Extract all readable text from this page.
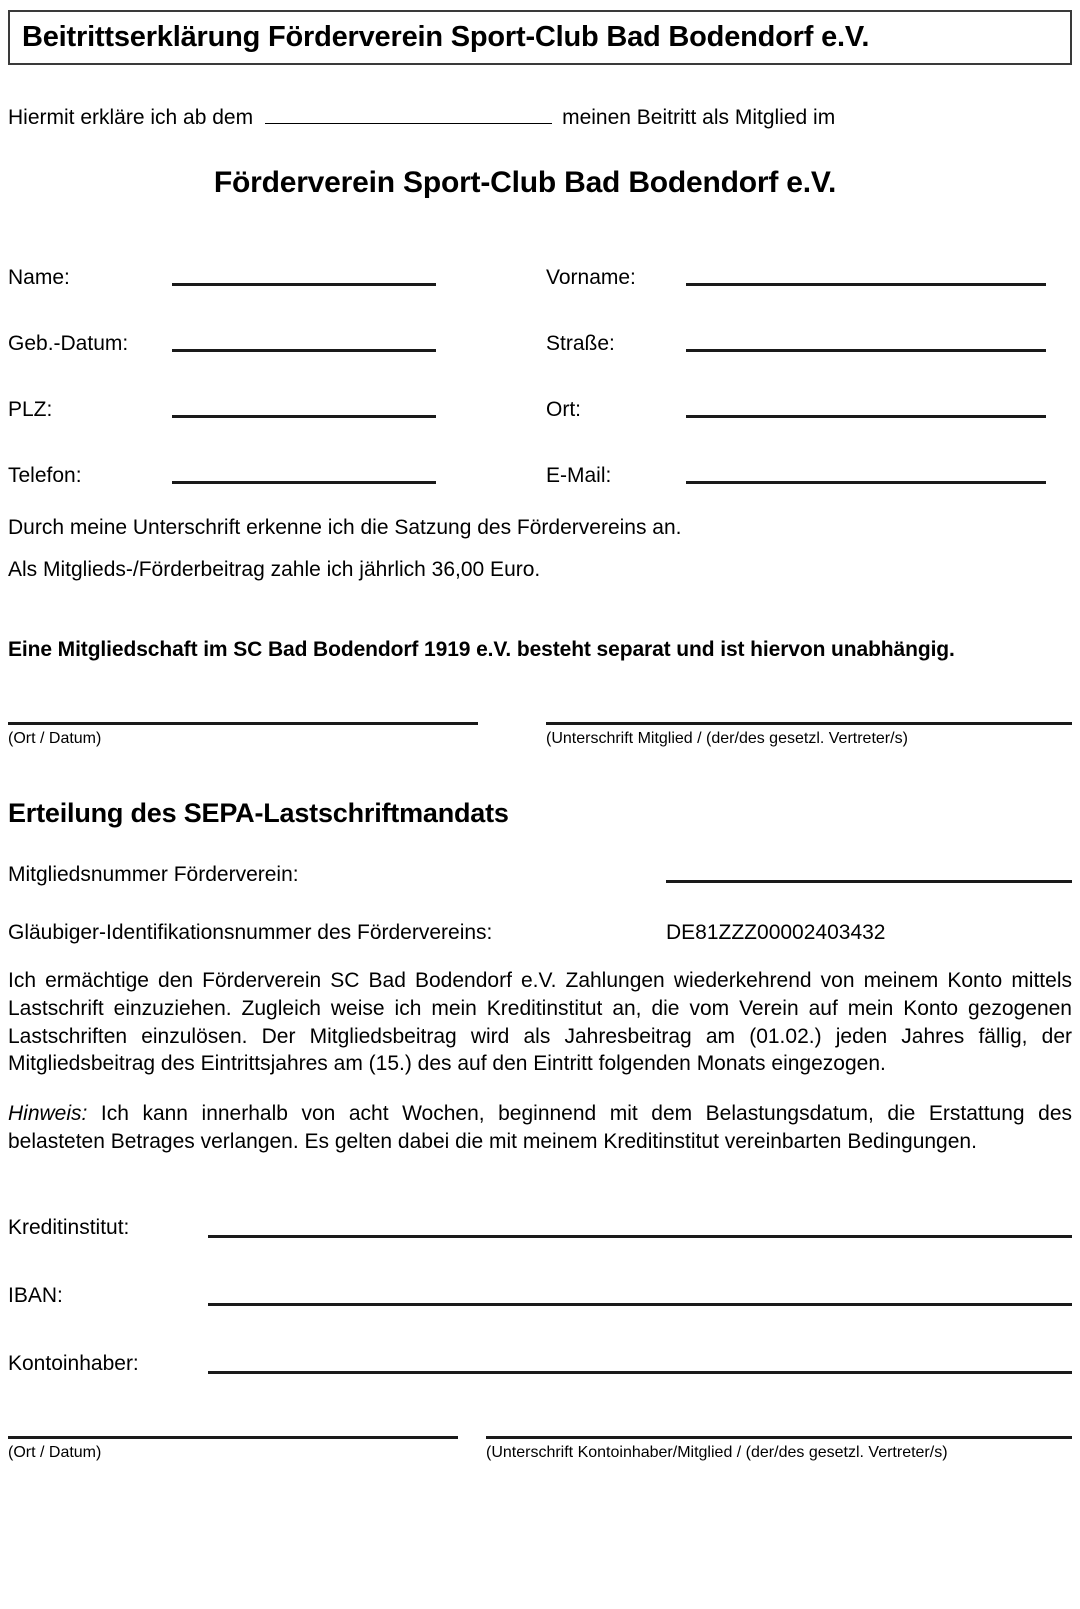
Beitrittserklärung Förderverein Sport-Club Bad Bodendorf e.V.
Hiermit erkläre ich ab dem	meinen Beitritt als Mitglied im
Förderverein Sport-Club Bad Bodendorf e.V.
Name:	Vorname:
Geb.-Datum:	Straße:
PLZ:	Ort:
Telefon:	E-Mail:
Durch meine Unterschrift erkenne ich die Satzung des Fördervereins an.
Als Mitglieds-/Förderbeitrag zahle ich jährlich 36,00 Euro.
Eine Mitgliedschaft im SC Bad Bodendorf 1919 e.V. besteht separat und ist hiervon unabhängig.
(Ort / Datum)	(Unterschrift Mitglied / (der/des gesetzl. Vertreter/s)
Erteilung des SEPA-Lastschriftmandats
Mitgliedsnummer Förderverein:
Gläubiger-Identifikationsnummer des Fördervereins:	DE81ZZZ00002403432
Ich ermächtige den Förderverein SC Bad Bodendorf e.V. Zahlungen wiederkehrend von meinem Konto mittels Lastschrift einzuziehen. Zugleich weise ich mein Kreditinstitut an, die vom Verein auf mein Konto gezogenen Lastschriften einzulösen. Der Mitgliedsbeitrag wird als Jahresbeitrag am (01.02.) jeden Jahres fällig, der Mitgliedsbeitrag des Eintrittsjahres am (15.) des auf den Eintritt folgenden Monats eingezogen.
Hinweis: Ich kann innerhalb von acht Wochen, beginnend mit dem Belastungsdatum, die Erstattung des belasteten Betrages verlangen. Es gelten dabei die mit meinem Kreditinstitut vereinbarten Bedingungen.
Kreditinstitut:
IBAN:
Kontoinhaber:
(Ort / Datum)	(Unterschrift Kontoinhaber/Mitglied / (der/des gesetzl. Vertreter/s)
